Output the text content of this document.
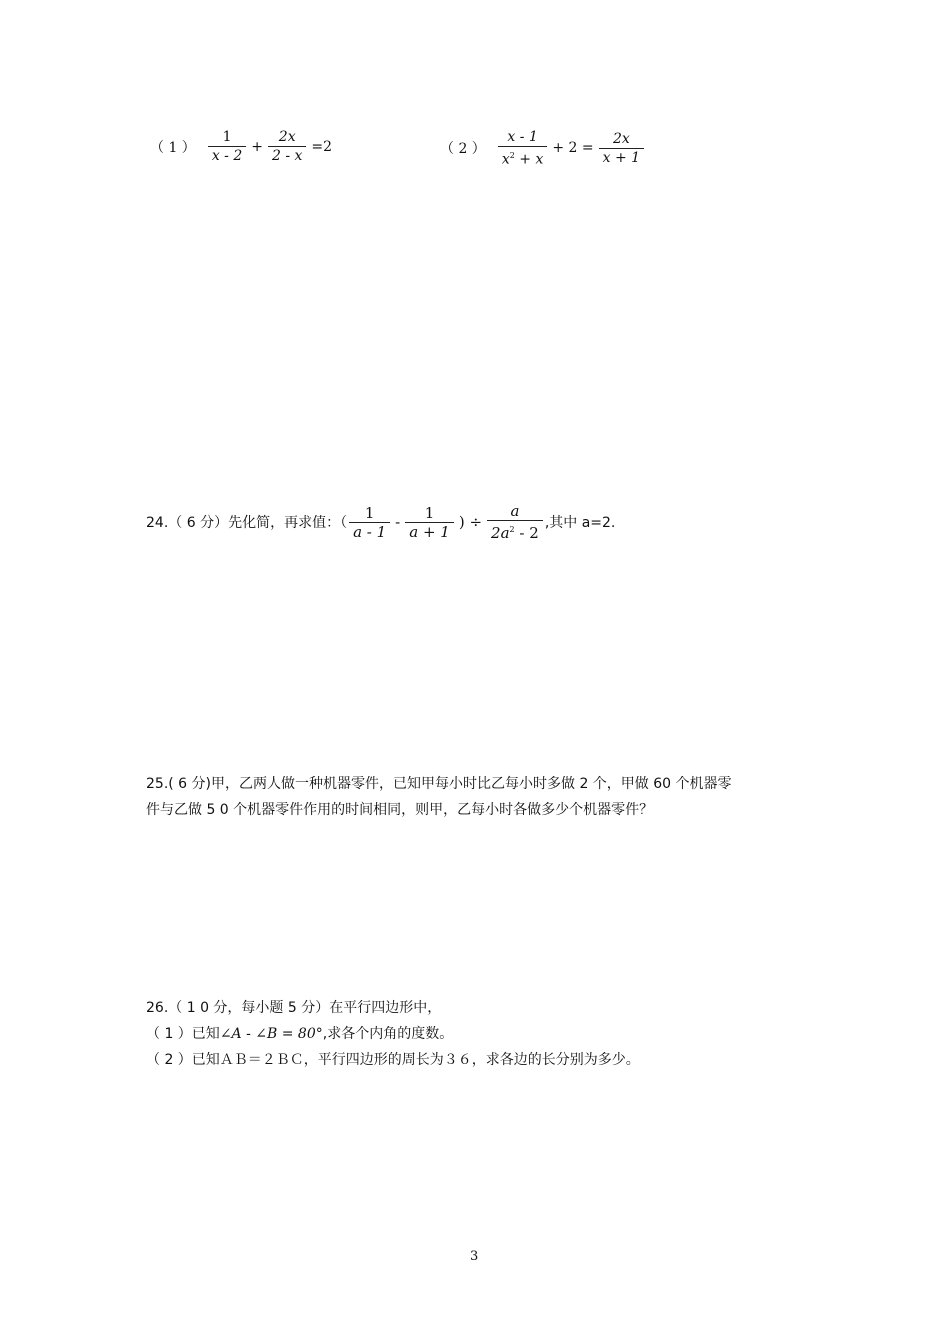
（ 1 ） $\frac{1}{x - 2} + \frac{2x}{2 - x} =2$	（ 2 ） $\frac{x - 1}{x^2 + x} + 2 = \frac{2x}{x + 1}$
24.（ 6 分）先化简，再求值：（ $\frac{1}{a - 1} - \frac{1}{a + 1}$ ) ÷ $\frac{a}{2a^2 - 2}$ ,其中 a=2.
25.( 6 分)甲，乙两人做一种机器零件，已知甲每小时比乙每小时多做 2 个，甲做 60 个机器零
件与乙做 5 0 个机器零件作用的时间相同，则甲，乙每小时各做多少个机器零件？
26.（ 1 0 分，每小题 5 分）在平行四边形中，
（ 1 ）已知∠A - ∠B = 80°,求各个内角的度数。
（ 2 ）已知ＡＢ＝２ＢＣ，平行四边形的周长为３６，求各边的长分别为多少。
3
